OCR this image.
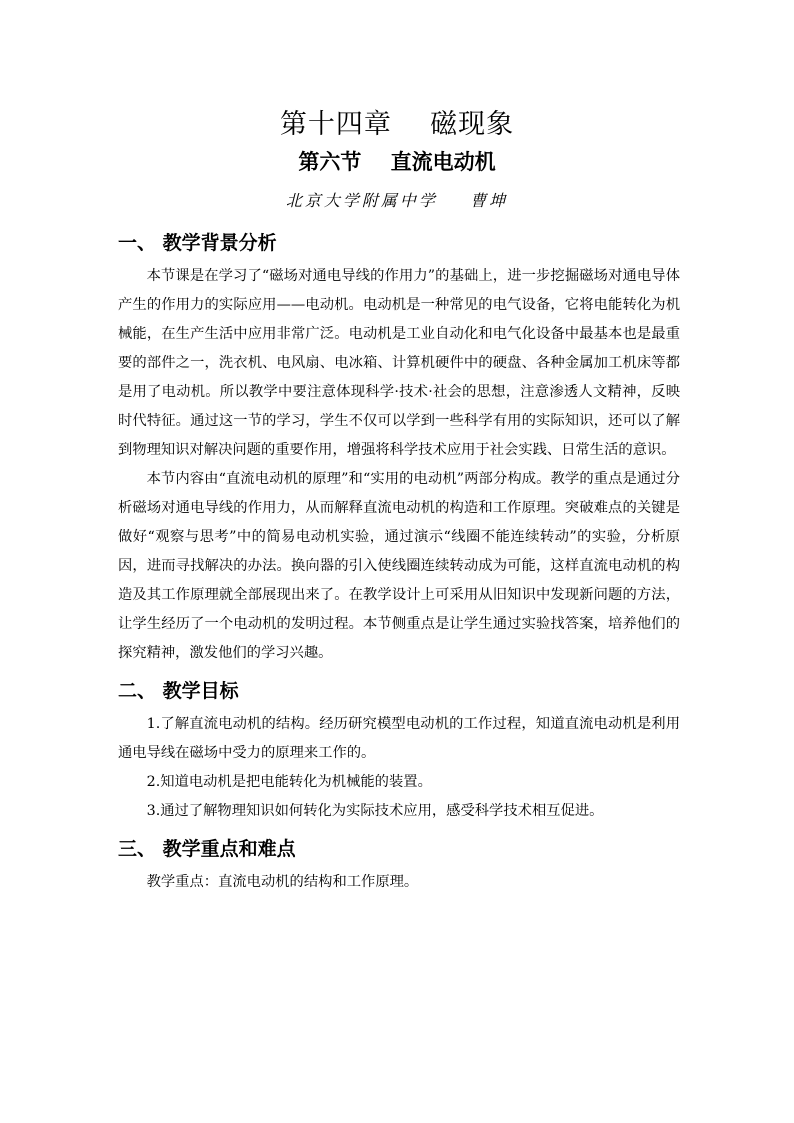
第十四章    磁现象
第六节    直流电动机
北京大学附属中学    曹坤
一、 教学背景分析

本节课是在学习了“磁场对通电导线的作用力”的基础上，进一步挖掘磁场对通电导体产生的作用力的实际应用——电动机。电动机是一种常见的电气设备，它将电能转化为机械能，在生产生活中应用非常广泛。电动机是工业自动化和电气化设备中最基本也是最重要的部件之一，洗衣机、电风扇、电冰箱、计算机硬件中的硬盘、各种金属加工机床等都是用了电动机。所以教学中要注意体现科学·技术·社会的思想，注意渗透人文精神，反映时代特征。通过这一节的学习，学生不仅可以学到一些科学有用的实际知识，还可以了解到物理知识对解决问题的重要作用，增强将科学技术应用于社会实践、日常生活的意识。

本节内容由“直流电动机的原理”和“实用的电动机”两部分构成。教学的重点是通过分析磁场对通电导线的作用力，从而解释直流电动机的构造和工作原理。突破难点的关键是做好“观察与思考”中的简易电动机实验，通过演示“线圈不能连续转动”的实验，分析原因，进而寻找解决的办法。换向器的引入使线圈连续转动成为可能，这样直流电动机的构造及其工作原理就全部展现出来了。在教学设计上可采用从旧知识中发现新问题的方法，让学生经历了一个电动机的发明过程。本节侧重点是让学生通过实验找答案，培养他们的探究精神，激发他们的学习兴趣。

二、 教学目标

1.了解直流电动机的结构。经历研究模型电动机的工作过程，知道直流电动机是利用通电导线在磁场中受力的原理来工作的。

2.知道电动机是把电能转化为机械能的装置。

3.通过了解物理知识如何转化为实际技术应用，感受科学技术相互促进。

三、 教学重点和难点

教学重点：直流电动机的结构和工作原理。
